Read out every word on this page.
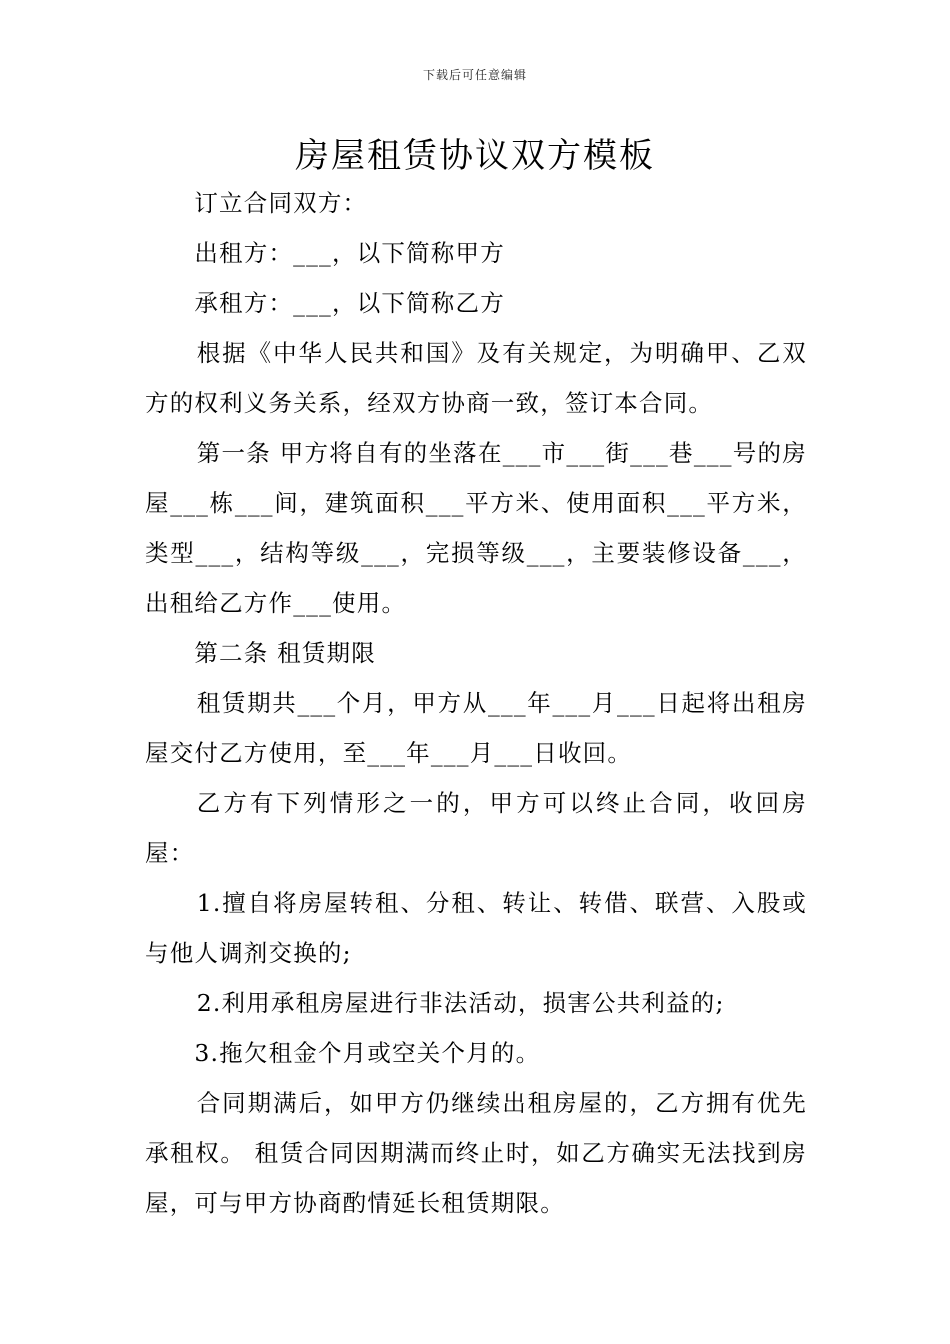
下载后可任意编辑
房屋租赁协议双方模板

订立合同双方：

出租方：___，以下简称甲方

承租方：___，以下简称乙方

根据《中华人民共和国》及有关规定，为明确甲、乙双方的权利义务关系，经双方协商一致，签订本合同。

第一条 甲方将自有的坐落在___市___街___巷___号的房屋___栋___间，建筑面积___平方米、使用面积___平方米，类型___，结构等级___，完损等级___，主要装修设备___，出租给乙方作___使用。

第二条 租赁期限

租赁期共___个月，甲方从___年___月___日起将出租房屋交付乙方使用，至___年___月___日收回。

乙方有下列情形之一的，甲方可以终止合同，收回房屋：

1.擅自将房屋转租、分租、转让、转借、联营、入股或与他人调剂交换的;

2.利用承租房屋进行非法活动，损害公共利益的;

3.拖欠租金个月或空关个月的。

合同期满后，如甲方仍继续出租房屋的，乙方拥有优先承租权。 租赁合同因期满而终止时，如乙方确实无法找到房屋，可与甲方协商酌情延长租赁期限。
